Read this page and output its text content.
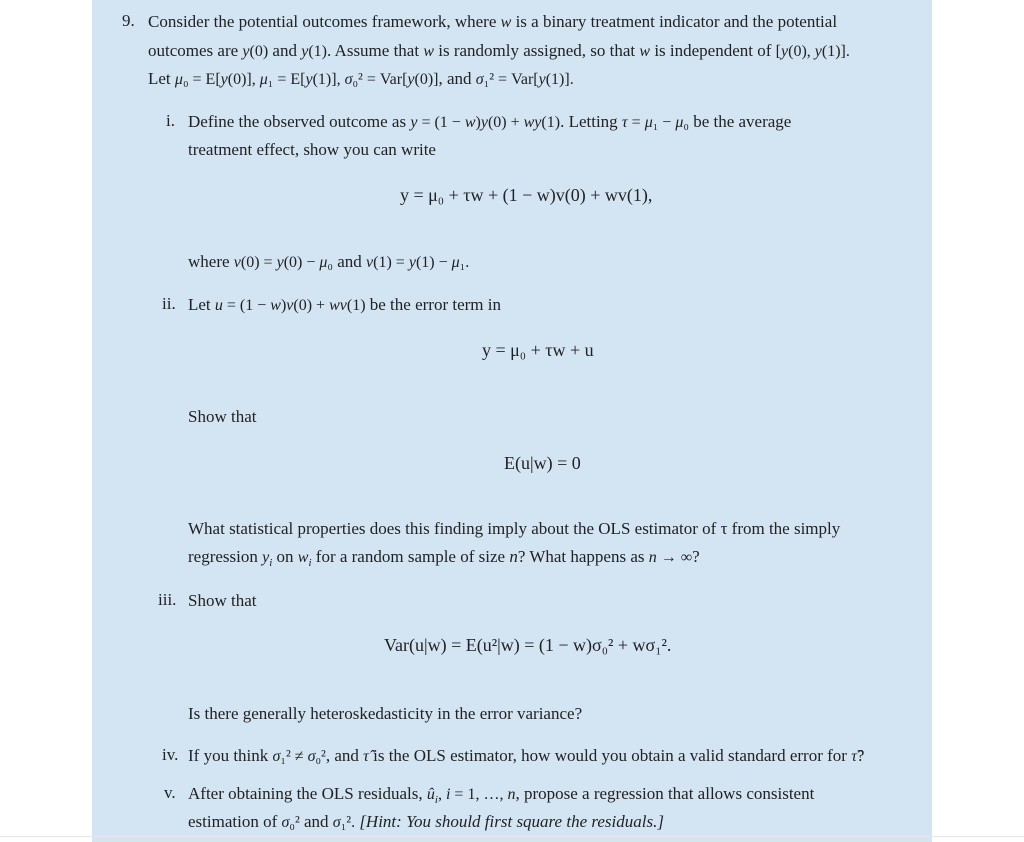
9. Consider the potential outcomes framework, where w is a binary treatment indicator and the potential
outcomes are y(0) and y(1). Assume that w is randomly assigned, so that w is independent of [y(0), y(1)].
Let μ₀ = E[y(0)], μ₁ = E[y(1)], σ₀² = Var[y(0)], and σ₁² = Var[y(1)].
i. Define the observed outcome as y = (1 − w)y(0) + wy(1). Letting τ = μ₁ − μ₀ be the average
treatment effect, show you can write
y = μ₀ + τw + (1 − w)v(0) + wv(1),
where v(0) = y(0) − μ₀ and v(1) = y(1) − μ₁.
ii. Let u = (1 − w)v(0) + wv(1) be the error term in
y = μ₀ + τw + u
Show that
E(u|w) = 0
What statistical properties does this finding imply about the OLS estimator of τ from the simply
regression $y_i$ on $w_i$ for a random sample of size n? What happens as n → ∞?
iii. Show that
Var(u|w) = E(u²|w) = (1 − w)σ₀² + wσ₁².
Is there generally heteroskedasticity in the error variance?
iv. If you think σ₁² ≠ σ₀², and τ̂ is the OLS estimator, how would you obtain a valid standard error for τ̂?
v. After obtaining the OLS residuals, $û_i$, i = 1, …, n, propose a regression that allows consistent
estimation of σ₀² and σ₁². [Hint: You should first square the residuals.]
